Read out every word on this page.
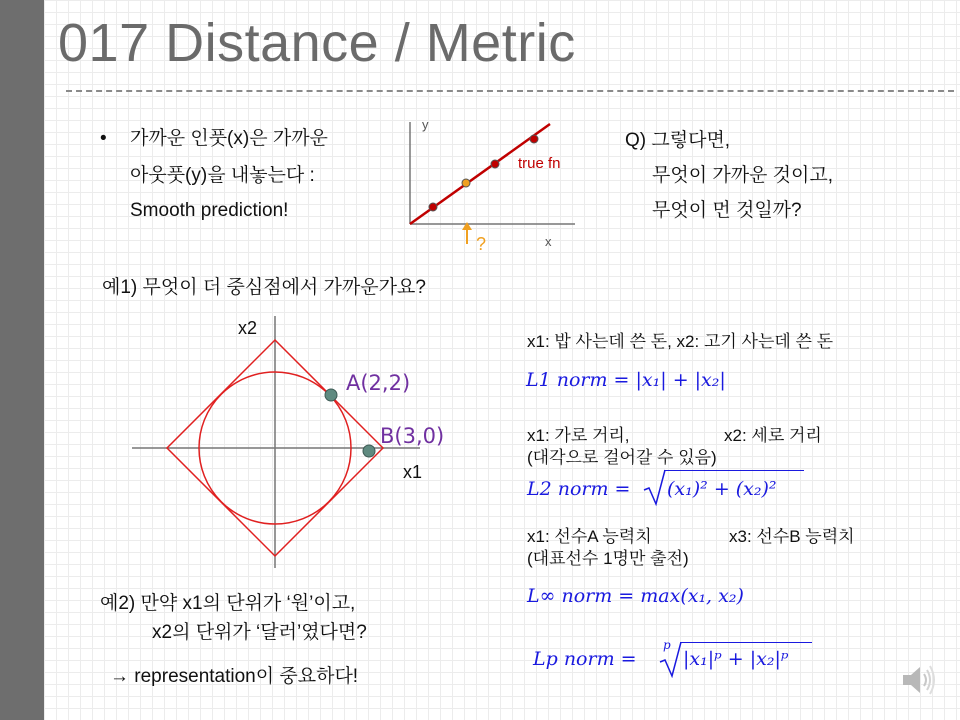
017 Distance / Metric
• 가까운 인풋(x)은 가까운
아웃풋(y)을 내놓는다 :
Smooth prediction!
y
x
true fn
?
Q) 그렇다면,
무엇이 가까운 것이고,
무엇이 먼 것일까?
예1) 무엇이 더 중심점에서 가까운가요?
x2
x1
A(2,2)
B(3,0)
x1: 밥 사는데 쓴 돈, x2: 고기 사는데 쓴 돈
L1 norm = |x₁| + |x₂|
x1: 가로 거리,	x2: 세로 거리
(대각으로 걸어갈 수 있음)
L2 norm = (x₁)² + (x₂)²
x1: 선수A 능력치	x3: 선수B 능력치
(대표선수 1명만 출전)
L∞ norm = max(x₁, x₂)
Lp norm =
p
|x₁|ᵖ + |x₂|ᵖ
예2) 만약 x1의 단위가 ‘원’이고,
x2의 단위가 ‘달러’였다면?
→ representation이 중요하다!
